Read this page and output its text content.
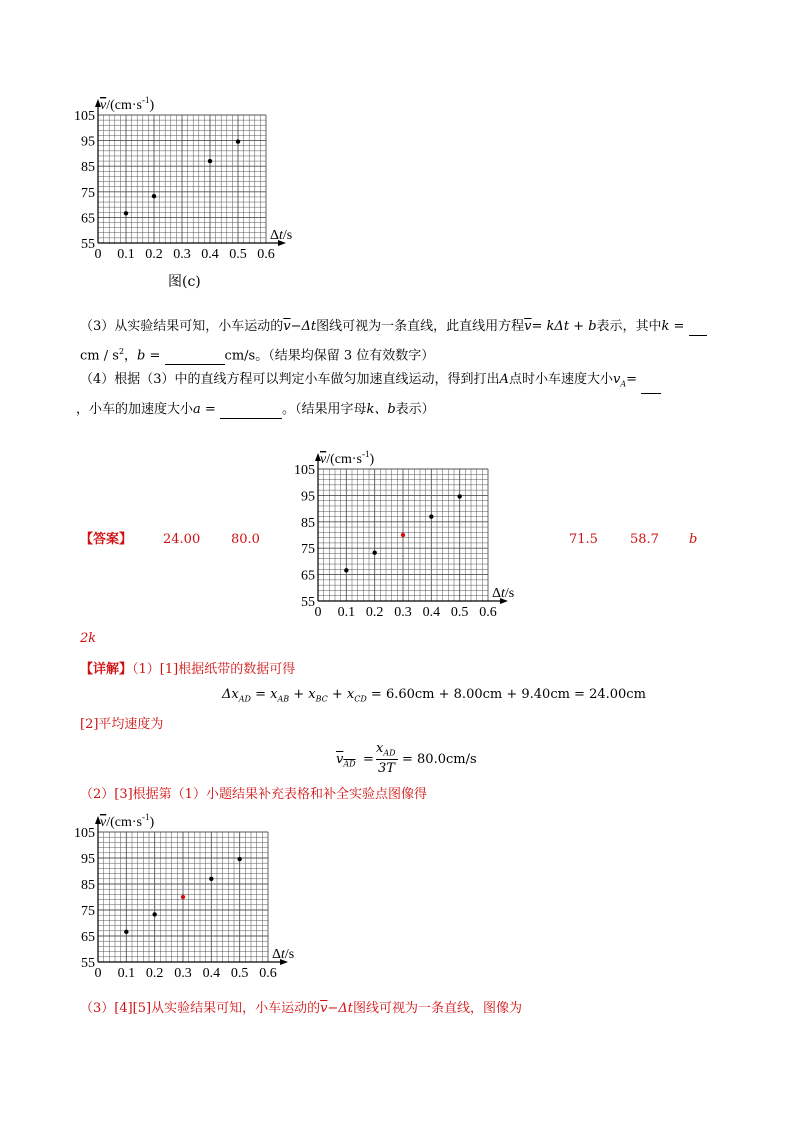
55
65
75
85
95
105
0 0.1 0.2 0.3 0.4 0.5 0.6
$v/(cm\cdot s^{-1})$
Δt/s
图(c)
（3）从实验结果可知，小车运动的$\overline{v}-\Delta t$图线可视为一条直线，此直线用方程$\overline{v}= k\Delta t + b$表示，其中k =
cm / $s^2$，b =	cm/s。（结果均保留 3 位有效数字）
（4）根据（3）中的直线方程可以判定小车做匀加速直线运动，得到打出A点时小车速度大小$v_A=$
，小车的加速度大小a =	。（结果用字母k、b表示）
【答案】 24.00 80.0	71.5 58.7 b
2k
55
65
75
85
95
105
0 0.1 0.2 0.3 0.4 0.5 0.6
$v/(cm\cdot s^{-1})$
Δt/s
【详解】（1）[1]根据纸带的数据可得
$\Delta x_{AD} = x_{AB} + x_{BC} + x_{CD} = 6.60cm + 8.00cm + 9.40cm = 24.00cm$
[2]平均速度为
$v_{AD}$ =
$x_{AD}$
3T
= 80.0cm/s
（2）[3]根据第（1）小题结果补充表格和补全实验点图像得
55
65
75
85
95
105
0 0.1 0.2 0.3 0.4 0.5 0.6
$v/(cm\cdot s^{-1})$
Δt/s
（3）[4][5]从实验结果可知，小车运动的$\overline{v}-\Delta t$图线可视为一条直线，图像为
